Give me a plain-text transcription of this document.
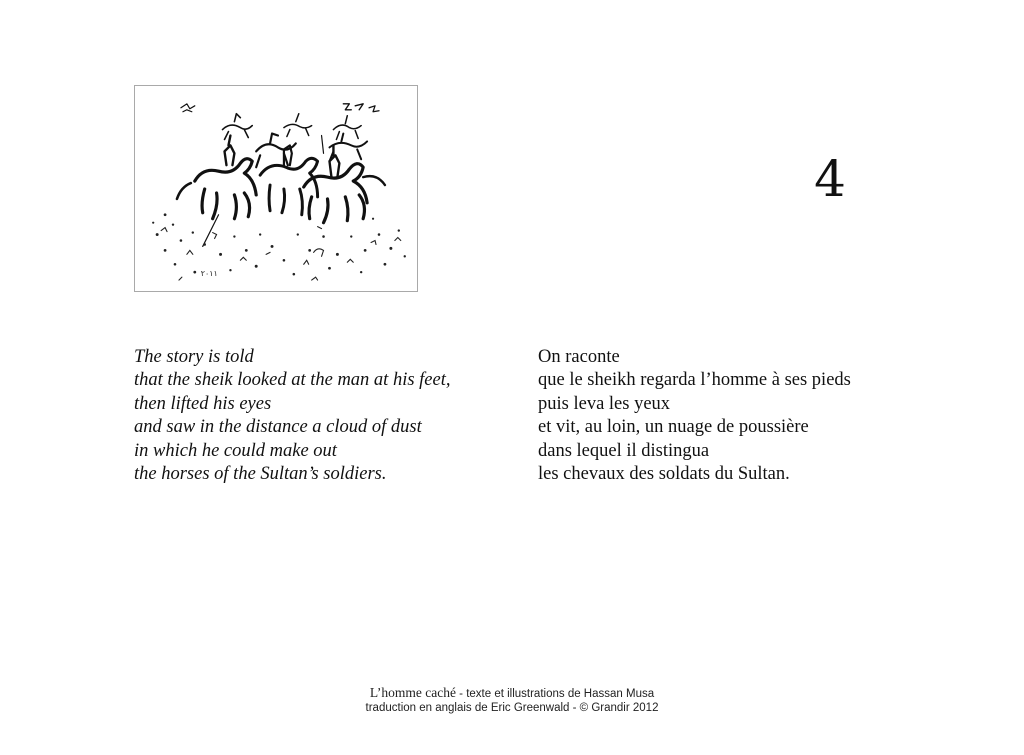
٢٠١١
4
The story is told
that the sheik looked at the man at his feet,
then lifted his eyes
and saw in the distance a cloud of dust
in which he could make out
the horses of the Sultan’s soldiers.
On raconte
que le sheikh regarda l’homme à ses pieds
puis leva les yeux
et vit, au loin, un nuage de poussière
dans lequel il distingua
les chevaux des soldats du Sultan.
L’homme caché - texte et illustrations de Hassan Musa
traduction en anglais de Eric Greenwald - © Grandir 2012
